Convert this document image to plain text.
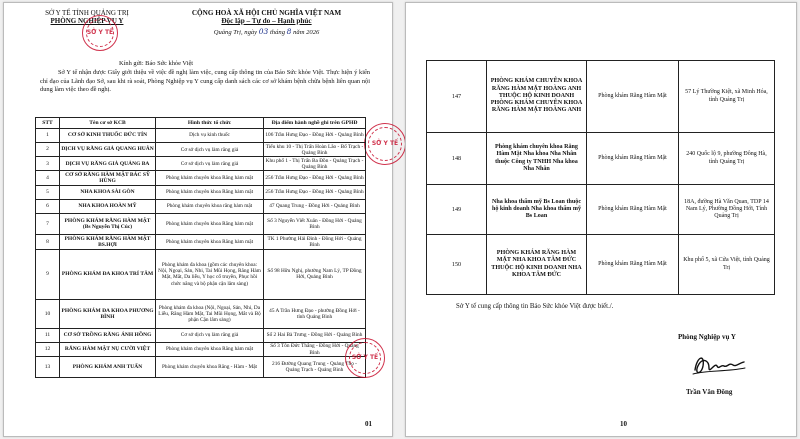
SỞ Y TẾ TỈNH QUẢNG TRỊ
PHÒNG NGHIỆP VỤ Y
SỞ Y TẾ
CỘNG HOÀ XÃ HỘI CHỦ NGHĨA VIỆT NAM
Độc lập – Tự do – Hạnh phúc
Quảng Trị, ngày 03 tháng 8 năm 2026
SỞ Y TẾ
Kính gửi: Báo Sức khỏe Việt
Sở Y tế nhận được Giấy giới thiệu về việc đề nghị làm việc, cung cấp thông tin của Báo Sức khỏe Việt. Thực hiện ý kiến chỉ đạo của Lãnh đạo Sở, sau khi rà soát, Phòng Nghiệp vụ Y cung cấp danh sách các cơ sở khám bệnh chữa bệnh liên quan nội dung làm việc theo đề nghị.
STT	Tên cơ sở KCB	Hình thức tổ chức	Địa điểm hành nghề ghi trên GPHĐ
1	CƠ SỞ KINH THUỐC ĐỨC TÍN	Dịch vụ kinh thuốc	106 Trần Hưng Đạo - Đồng Hới - Quảng Bình
2	DỊCH VỤ RĂNG GIẢ QUANG HUÂN	Cơ sở dịch vụ làm răng giả	Tiểu khu 10 - Thị Trấn Hoàn Lão - Bố Trạch - Quảng Bình
3	DỊCH VỤ RĂNG GIẢ QUẢNG BA	Cơ sở dịch vụ làm răng giả	Khu phố 1 - Thị Trấn Ba Đồn - Quảng Trạch - Quảng Bình
4	CƠ SỞ RĂNG HÀM MẶT BÁC SỸ HÙNG	Phòng khám chuyên khoa Răng hàm mặt	256 Trần Hưng Đạo - Đồng Hới - Quảng Bình
5	NHA KHOA SÀI GÒN	Phòng khám chuyên khoa Răng hàm mặt	256 Trần Hưng Đạo - Đồng Hới - Quảng Bình
6	NHA KHOA HOÀN MỸ	Phòng khám chuyên khoa răng hàm mặt	47 Quang Trung - Đồng Hới - Quảng Bình
7	PHÒNG KHÁM RĂNG HÀM MẶT (Bs Nguyễn Thị Cúc)	Phòng khám chuyên khoa Răng hàm mặt	Số 3 Nguyễn Viết Xuân - Đồng Hới - Quảng Bình
8	PHÒNG KHÁM RĂNG HÀM MẶT BS.HỢI	Phòng khám chuyên khoa Răng hàm mặt	TK 1 Phường Hải Đình - Đồng Hới - Quảng Bình
9	PHÒNG KHÁM ĐA KHOA TRÍ TÂM	Phòng khám đa khoa (gồm các chuyên khoa: Nội, Ngoại, Sản, Nhi, Tai Mũi Họng, Răng Hàm Mặt, Mắt, Da liễu, Y học cổ truyền, Phục hồi chức năng và bộ phận cận lâm sàng)	Số 98 Hữu Nghị, phường Nam Lý, TP Đồng Hới, Quảng Bình
10	PHÒNG KHÁM ĐA KHOA PHƯƠNG BÌNH	Phòng khám đa khoa (Nội, Ngoại, Sản, Nhi, Da Liễu, Răng Hàm Mặt, Tai Mũi Họng, Mắt và Bộ phận Cận lâm sàng)	45 A Trần Hưng Đạo - phường Đồng Hới - tỉnh Quảng Bình
11	CƠ SỞ TRỒNG RĂNG ÁNH HỒNG	Cơ sở dịch vụ làm răng giả	Số 2 Hai Bà Trưng - Đồng Hới - Quảng Bình
12	RĂNG HÀM MẶT NỤ CƯỜI VIỆT	Phòng khám chuyên khoa Răng hàm mặt	Số 3 Tôn Đức Thắng - Đồng Hới - Quảng Bình
13	PHÒNG KHÁM ANH TUẤN	Phòng khám chuyên khoa Răng - Hàm - Mặt	216 Đường Quang Trung - Quảng Thọ - Quảng Trạch - Quảng Bình
01
147	PHÒNG KHÁM CHUYÊN KHOA RĂNG HÀM MẶT HOÀNG ANH THUỘC HỘ KINH DOANH PHÒNG KHÁM CHUYÊN KHOA RĂNG HÀM MẶT HOÀNG ANH	Phòng khám Răng Hàm Mặt	57 Lý Thường Kiệt, xã Minh Hóa, tỉnh Quảng Trị
148	Phòng khám chuyên khoa Răng Hàm Mặt Nha khoa Nha Nhân thuộc Công ty TNHH Nha khoa Nha Nhân	Phòng khám Răng Hàm Mặt	240 Quốc lộ 9, phường Đông Hà, tỉnh Quảng Trị
149	Nha khoa thẩm mỹ Bs Loan thuộc hộ kinh doanh Nha khoa thẩm mỹ Bs Loan	Phòng khám Răng Hàm Mặt	18A, đường Hà Văn Quan, TDP 14 Nam Lý, Phường Đồng Hới, Tỉnh Quảng Trị
150	PHÒNG KHÁM RĂNG HÀM MẶT NHA KHOA TÂM ĐỨC THUỘC HỘ KINH DOANH NHA KHOA TÂM ĐỨC	Phòng khám Răng Hàm Mặt	Khu phố 5, xã Cửa Việt, tỉnh Quảng Trị
Sở Y tế cung cấp thông tin Báo Sức khỏe Việt được biết./.
Phòng Nghiệp vụ Y
Trần Văn Đông
10
SỞ Y TẾ
